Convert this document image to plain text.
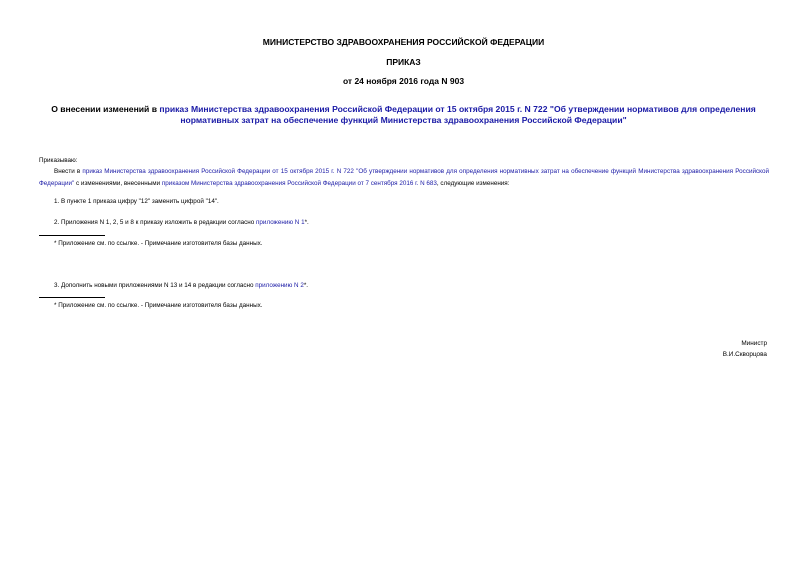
МИНИСТЕРСТВО ЗДРАВООХРАНЕНИЯ РОССИЙСКОЙ ФЕДЕРАЦИИ
ПРИКАЗ
от 24 ноября 2016 года N 903
О внесении изменений в приказ Министерства здравоохранения Российской Федерации от 15 октября 2015 г. N 722 "Об утверждении нормативов для определения нормативных затрат на обеспечение функций Министерства здравоохранения Российской Федерации"
Приказываю:
Внести в приказ Министерства здравоохранения Российской Федерации от 15 октября 2015 г. N 722 "Об утверждении нормативов для определения нормативных затрат на обеспечение функций Министерства здравоохранения Российской Федерации" с изменениями, внесенными приказом Министерства здравоохранения Российской Федерации от 7 сентября 2016 г. N 683, следующие изменения:
1. В пункте 1 приказа цифру "12" заменить цифрой "14".
2. Приложения N 1, 2, 5 и 8 к приказу изложить в редакции согласно приложению N 1*.
* Приложение см. по ссылке. - Примечание изготовителя базы данных.
3. Дополнить новыми приложениями N 13 и 14 в редакции согласно приложению N 2*.
* Приложение см. по ссылке. - Примечание изготовителя базы данных.
Министр
В.И.Скворцова
